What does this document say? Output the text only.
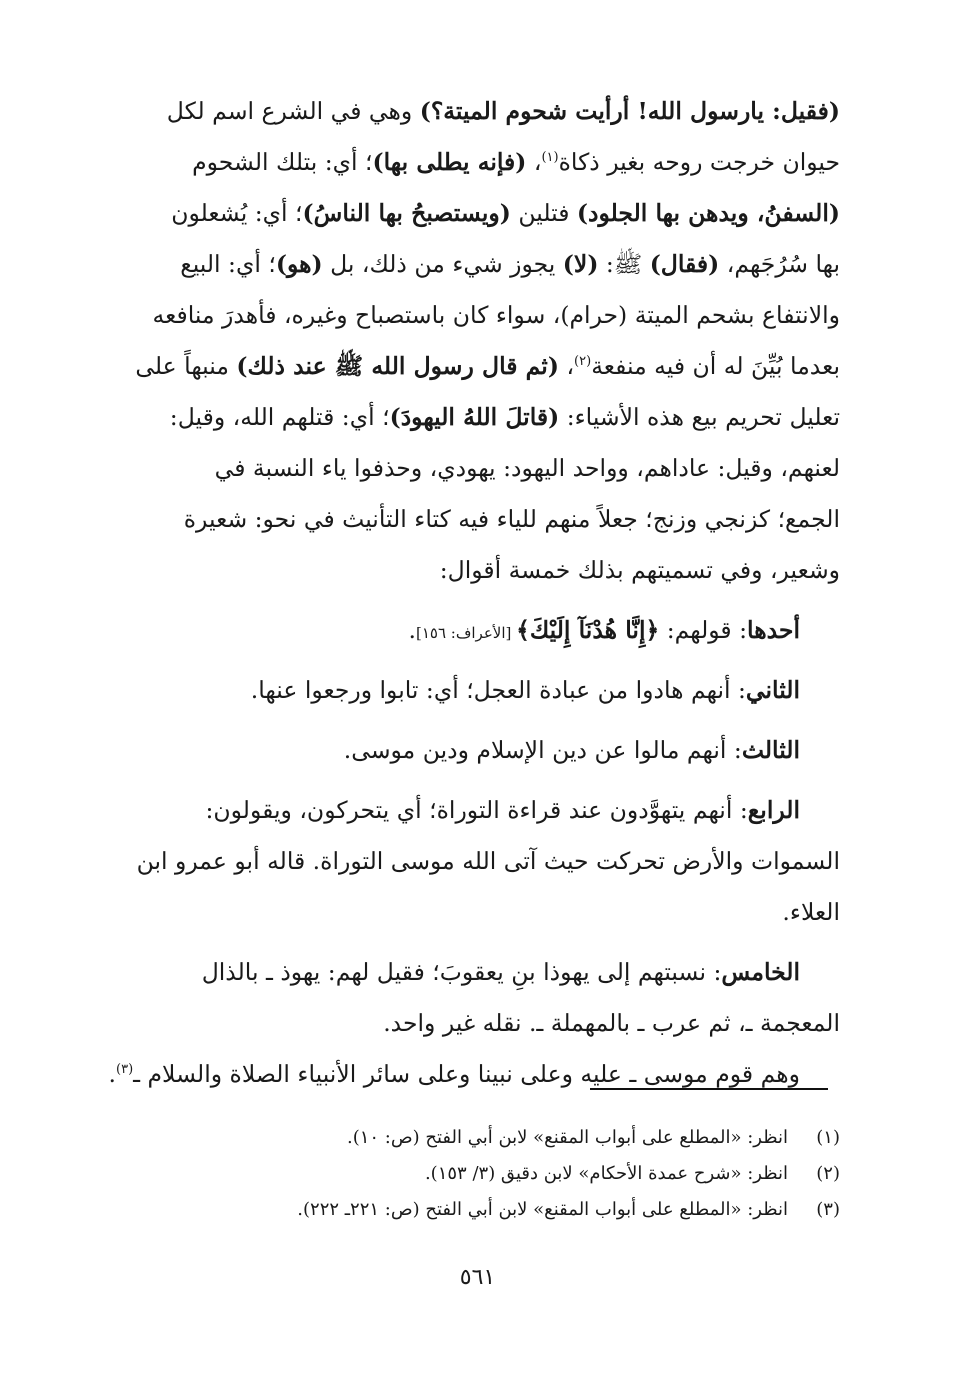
(فقيل: يارسول الله! أرأيت شحوم الميتة؟) وهي في الشرع اسم لكل
حيوان خرجت روحه بغير ذكاة$^{(١)}$، (فإنه يطلى بها)؛ أي: بتلك الشحوم
(السفنُ، ويدهن بها الجلود) فتلين (ويستصبحُ بها الناسُ)؛ أي: يُشعلون
بها سُرُجَهم، (فقال) ﷺ: (لا) يجوز شيء من ذلك، بل (هو)؛ أي: البيع
والانتفاع بشحم الميتة (حرام)، سواء كان باستصباح وغيره، فأهدرَ منافعه
بعدما بُيِّنَ له أن فيه منفعة$^{(٢)}$، (ثم قال رسول الله ﷺ عند ذلك) منبهاً على
تعليل تحريم بيع هذه الأشياء: (قاتلَ اللهُ اليهودَ)؛ أي: قتلهم الله، وقيل:
لعنهم، وقيل: عاداهم، وواحد اليهود: يهودي، وحذفوا ياء النسبة في
الجمع؛ كزنجي وزنج؛ جعلاً منهم للياء فيه كتاء التأنيث في نحو: شعيرة
وشعير، وفي تسميتهم بذلك خمسة أقوال:
أحدها: قولهم: ﴿إِنَّا هُدْنَآ إِلَيْكَ﴾ [الأعراف: ١٥٦].
الثاني: أنهم هادوا من عبادة العجل؛ أي: تابوا ورجعوا عنها.
الثالث: أنهم مالوا عن دين الإسلام ودين موسى.
الرابع: أنهم يتهوَّدون عند قراءة التوراة؛ أي يتحركون، ويقولون:
السموات والأرض تحركت حيث آتى الله موسى التوراة. قاله أبو عمرو ابن
العلاء.
الخامس: نسبتهم إلى يهوذا بنِ يعقوبَ؛ فقيل لهم: يهوذ ـ بالذال
المعجمة ـ، ثم عرب ـ بالمهملة ـ. نقله غير واحد.
وهم قوم موسى ـ عليه وعلى نبينا وعلى سائر الأنبياء الصلاة والسلام ـ$^{(٣)}$.
(١)انظر: «المطلع على أبواب المقنع» لابن أبي الفتح (ص: ١٠).
(٢)انظر: «شرح عمدة الأحكام» لابن دقيق (٣/ ١٥٣).
(٣)انظر: «المطلع على أبواب المقنع» لابن أبي الفتح (ص: ٢٢١ـ ٢٢٢).
٥٦١
